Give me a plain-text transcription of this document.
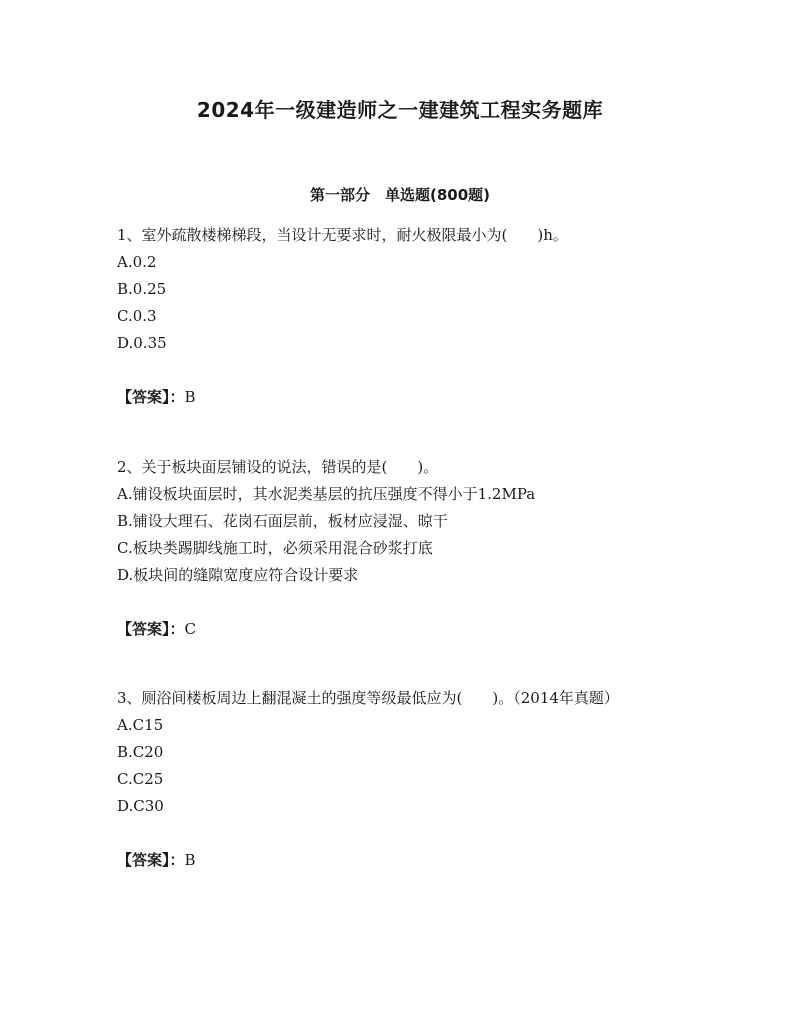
2024年一级建造师之一建建筑工程实务题库
第一部分　单选题(800题)
1、室外疏散楼梯梯段，当设计无要求时，耐火极限最小为(　　)h。
A.0.2
B.0.25
C.0.3
D.0.35
【答案】：B
2、关于板块面层铺设的说法，错误的是(　　)。
A.铺设板块面层时，其水泥类基层的抗压强度不得小于1.2MPa
B.铺设大理石、花岗石面层前，板材应浸湿、晾干
C.板块类踢脚线施工时，必须采用混合砂浆打底
D.板块间的缝隙宽度应符合设计要求
【答案】：C
3、厕浴间楼板周边上翻混凝土的强度等级最低应为(　　)。（2014年真题）
A.C15
B.C20
C.C25
D.C30
【答案】：B
